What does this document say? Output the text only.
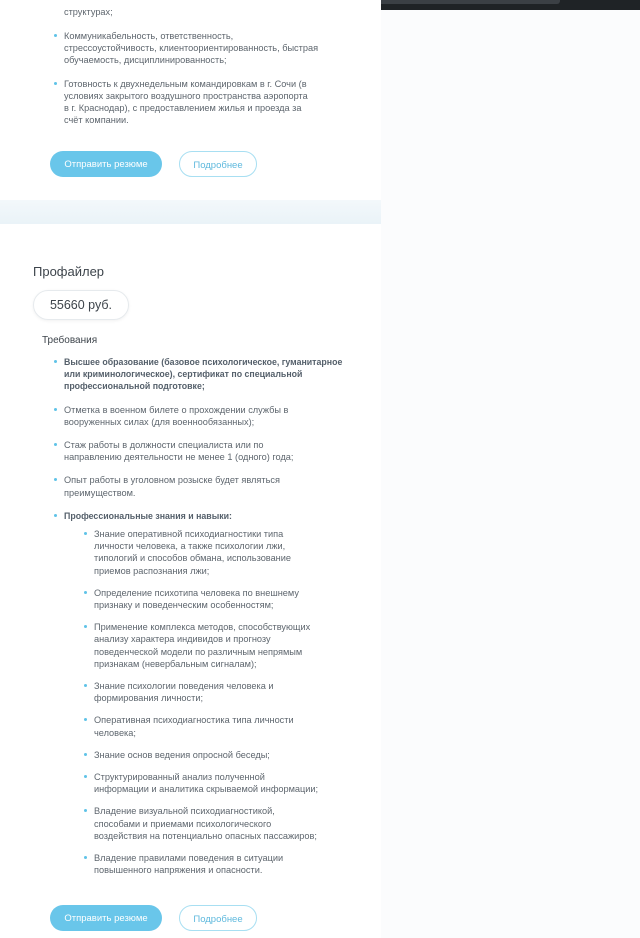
структурах;
Коммуникабельность, ответственность,
стрессоустойчивость, клиентоориентированность, быстрая
обучаемость, дисциплинированность;
Готовность к двухнедельным командировкам в г. Сочи (в
условиях закрытого воздушного пространства аэропорта
в г. Краснодар), с предоставлением жилья и проезда за
счёт компании.
Отправить резюме	Подробнее
Профайлер
55660 руб.
Требования
Высшее образование (базовое психологическое, гуманитарное
или криминологическое), сертификат по специальной
профессиональной подготовке;
Отметка в военном билете о прохождении службы в
вооруженных силах (для военнообязанных);
Стаж работы в должности специалиста или по
направлению деятельности не менее 1 (одного) года;
Опыт работы в уголовном розыске будет являться
преимуществом.
Профессиональные знания и навыки:
Знание оперативной психодиагностики типа
личности человека, а также психологии лжи,
типологий и способов обмана, использование
приемов распознания лжи;
Определение психотипа человека по внешнему
признаку и поведенческим особенностям;
Применение комплекса методов, способствующих
анализу характера индивидов и прогнозу
поведенческой модели по различным непрямым
признакам (невербальным сигналам);
Знание психологии поведения человека и
формирования личности;
Оперативная психодиагностика типа личности
человека;
Знание основ ведения опросной беседы;
Структурированный анализ полученной
информации и аналитика скрываемой информации;
Владение визуальной психодиагностикой,
способами и приемами психологического
воздействия на потенциально опасных пассажиров;
Владение правилами поведения в ситуации
повышенного напряжения и опасности.
Отправить резюме	Подробнее
